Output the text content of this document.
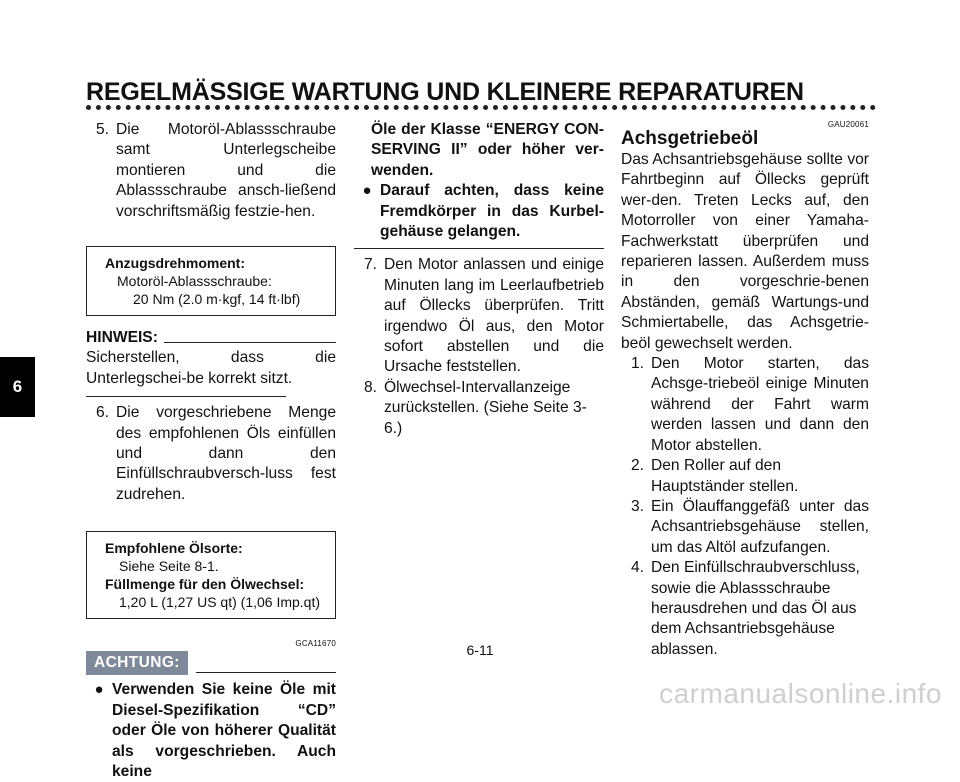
REGELMÄSSIGE WARTUNG UND KLEINERE REPARATUREN
6
5. Die Motoröl-Ablassschraube samt Unterlegscheibe montieren und die Ablassschraube ansch-ließend vorschriftsmäßig festzie-hen.
Anzugsdrehmoment:
Motoröl-Ablassschraube:
20 Nm (2.0 m·kgf, 14 ft·lbf)
HINWEIS:
Sicherstellen, dass die Unterlegschei-be korrekt sitzt.
6. Die vorgeschriebene Menge des empfohlenen Öls einfüllen und dann den Einfüllschraubversch-luss fest zudrehen.
Empfohlene Ölsorte:
Siehe Seite 8-1.
Füllmenge für den Ölwechsel:
1,20 L (1,27 US qt) (1,06 Imp.qt)
GCA11670
ACHTUNG:
● Verwenden Sie keine Öle mit Diesel-Spezifikation “CD” oder Öle von höherer Qualität als vorgeschrieben. Auch keine
Öle der Klasse “ENERGY CON-SERVING II” oder höher ver-wenden.
● Darauf achten, dass keine Fremdkörper in das Kurbel-gehäuse gelangen.
7. Den Motor anlassen und einige Minuten lang im Leerlaufbetrieb auf Öllecks überprüfen. Tritt irgendwo Öl aus, den Motor sofort abstellen und die Ursache feststellen.
8. Ölwechsel-Intervallanzeige zurückstellen. (Siehe Seite 3-6.)
GAU20061
Achsgetriebeöl
Das Achsantriebsgehäuse sollte vor Fahrtbeginn auf Öllecks geprüft wer-den. Treten Lecks auf, den Motorroller von einer Yamaha-Fachwerkstatt überprüfen und reparieren lassen. Außerdem muss in den vorgeschrie-benen Abständen, gemäß Wartungs-und Schmiertabelle, das Achsgetrie-beöl gewechselt werden.
1. Den Motor starten, das Achsge-triebeöl einige Minuten während der Fahrt warm werden lassen und dann den Motor abstellen.
2. Den Roller auf den Hauptständer stellen.
3. Ein Ölauffanggefäß unter das Achsantriebsgehäuse stellen, um das Altöl aufzufangen.
4. Den Einfüllschraubverschluss, sowie die Ablassschraube herausdrehen und das Öl aus dem Achsantriebsgehäuse ablassen.
6-11
carmanualsonline.info
